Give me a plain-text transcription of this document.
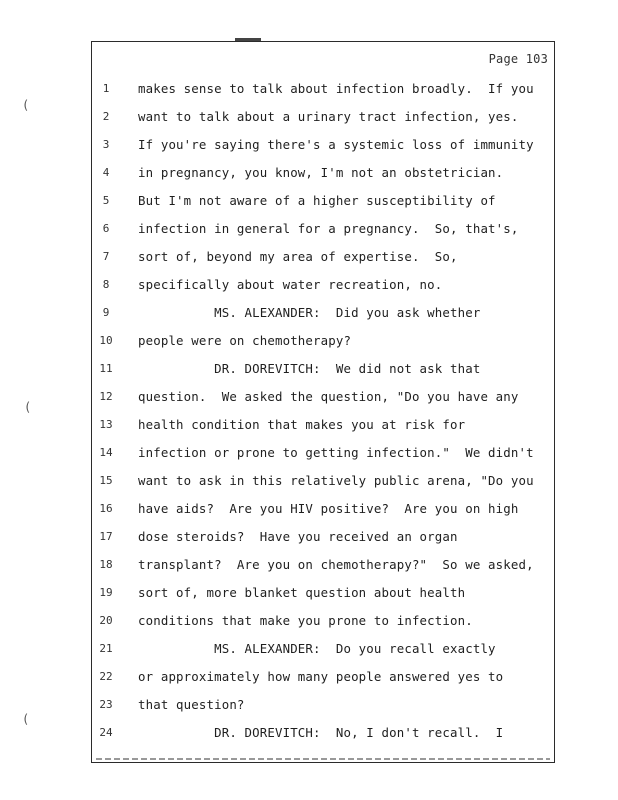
Page 103
1	makes sense to talk about infection broadly.  If you
2	want to talk about a urinary tract infection, yes.
3	If you're saying there's a systemic loss of immunity
4	in pregnancy, you know, I'm not an obstetrician.
5	But I'm not aware of a higher susceptibility of
6	infection in general for a pregnancy.  So, that's,
7	sort of, beyond my area of expertise.  So,
8	specifically about water recreation, no.
9	MS. ALEXANDER:  Did you ask whether
10	people were on chemotherapy?
11	DR. DOREVITCH:  We did not ask that
12	question.  We asked the question, "Do you have any
13	health condition that makes you at risk for
14	infection or prone to getting infection."  We didn't
15	want to ask in this relatively public arena, "Do you
16	have aids?  Are you HIV positive?  Are you on high
17	dose steroids?  Have you received an organ
18	transplant?  Are you on chemotherapy?"  So we asked,
19	sort of, more blanket question about health
20	conditions that make you prone to infection.
21	MS. ALEXANDER:  Do you recall exactly
22	or approximately how many people answered yes to
23	that question?
24	DR. DOREVITCH:  No, I don't recall.  I
(
(
(
